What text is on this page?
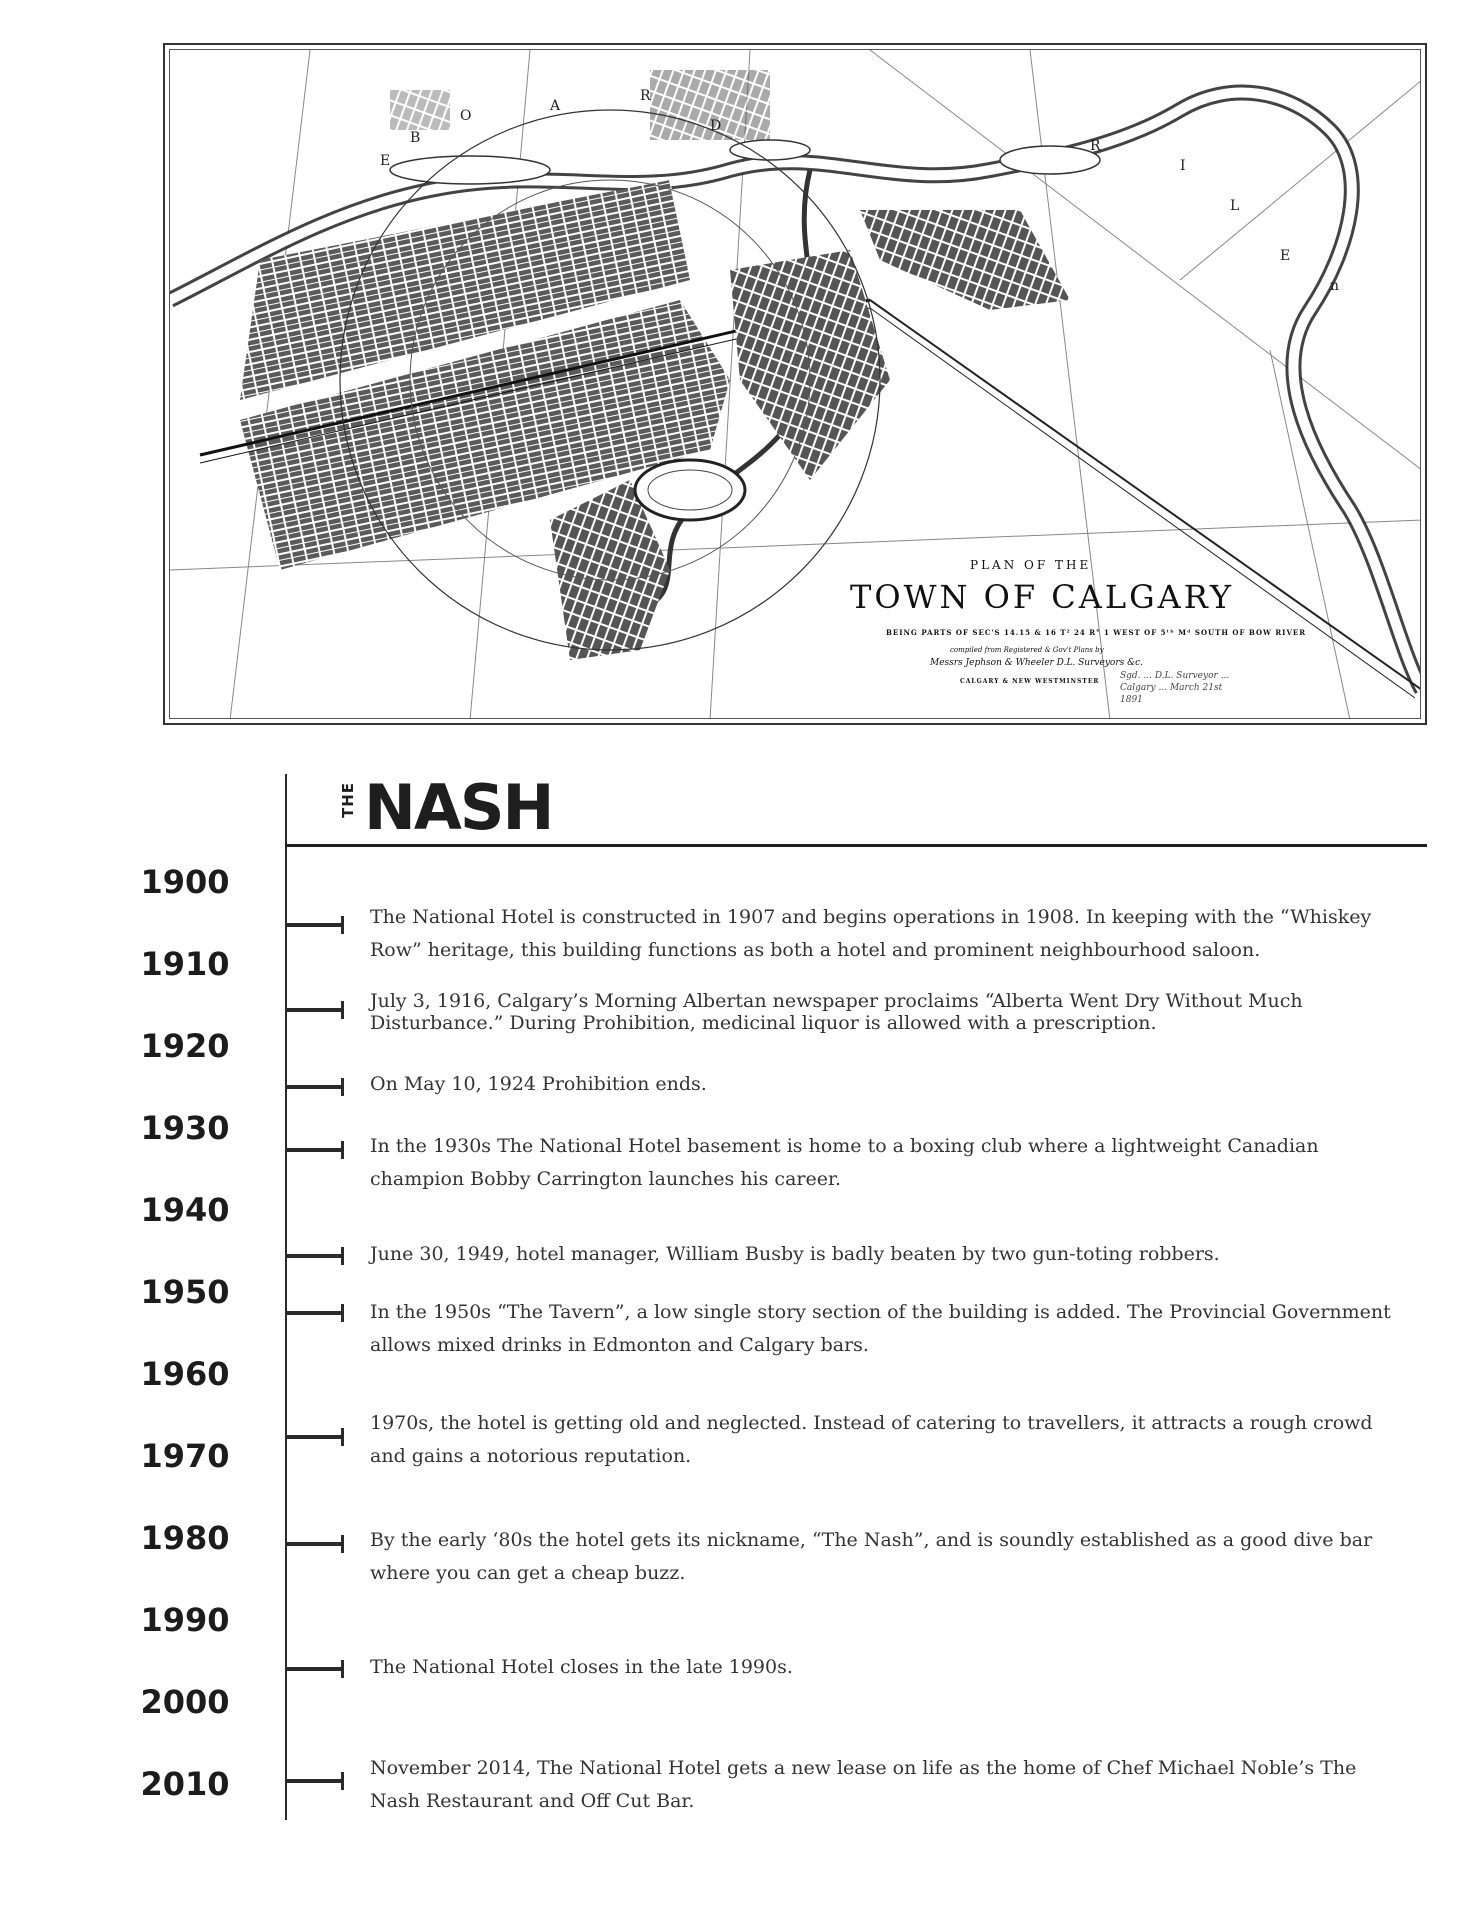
E
B
O
A
R
D
R
I
L
E
n
PLAN OF THE
TOWN OF CALGARY
BEING PARTS OF SEC'S 14.15 & 16 T² 24 R° 1 WEST OF 5ᵗʰ Mᵈ SOUTH OF BOW RIVER
compiled from Registered & Gov't Plans by
Messrs Jephson & Wheeler D.L. Surveyors &c.
CALGARY & NEW WESTMINSTER
Sgd. ... D.L. Surveyor ... Calgary ... March 21st 1891
THE NASH
1900
1910
1920
1930
1940
1950
1960
1970
1980
1990
2000
2010
The National Hotel is constructed in 1907 and begins operations in 1908. In keeping with the “Whiskey Row” heritage, this building functions as both a hotel and prominent neighbourhood saloon.
July 3, 1916, Calgary’s Morning Albertan newspaper proclaims “Alberta Went Dry Without Much Disturbance.” During Prohibition, medicinal liquor is allowed with a prescription.
On May 10, 1924 Prohibition ends.
In the 1930s The National Hotel basement is home to a boxing club where a lightweight Canadian champion Bobby Carrington launches his career.
June 30, 1949, hotel manager, William Busby is badly beaten by two gun-toting robbers.
In the 1950s “The Tavern”, a low single story section of the building is added. The Provincial Government allows mixed drinks in Edmonton and Calgary bars.
1970s, the hotel is getting old and neglected. Instead of catering to travellers, it attracts a rough crowd and gains a notorious reputation.
By the early ‘80s the hotel gets its nickname, “The Nash”, and is soundly established as a good dive bar where you can get a cheap buzz.
The National Hotel closes in the late 1990s.
November 2014, The National Hotel gets a new lease on life as the home of Chef Michael Noble’s The Nash Restaurant and Off Cut Bar.
